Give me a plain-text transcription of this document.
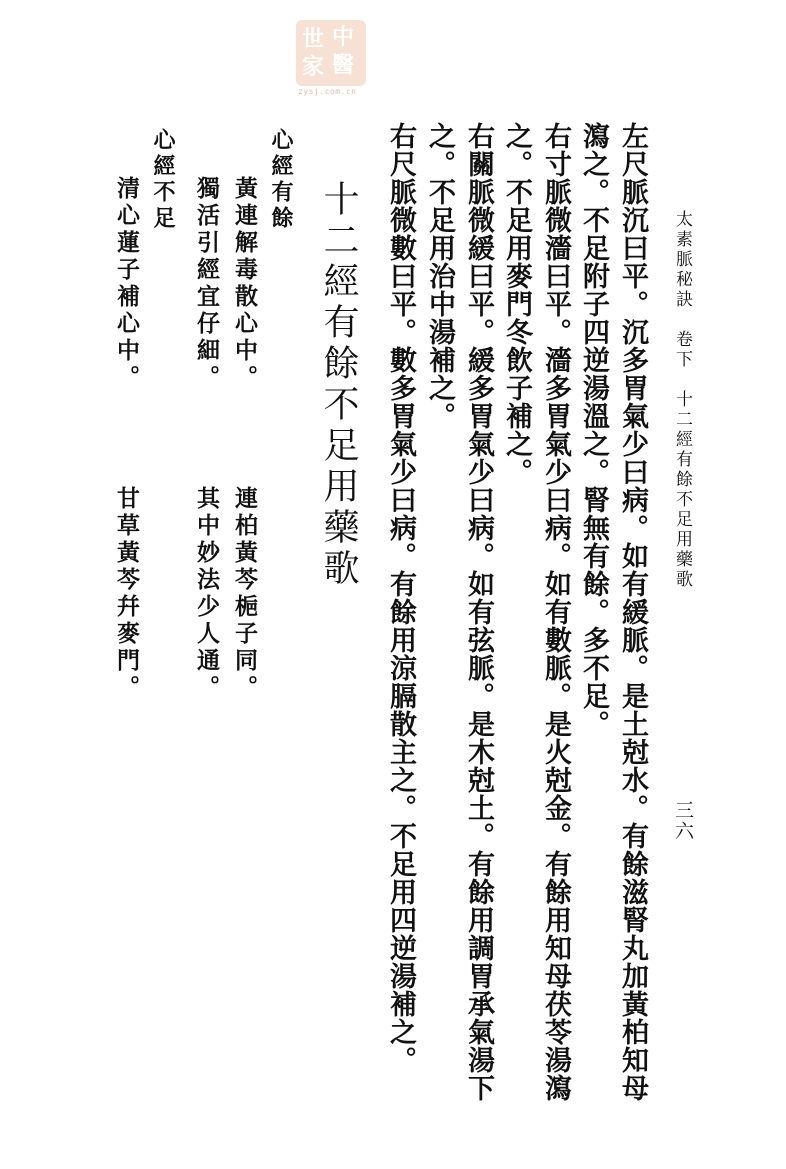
世 中
家 醫
zysj.com.cn
太素脈秘訣　卷下　十二經有餘不足用藥歌
三六
左尺脈沉曰平。沉多胃氣少曰病。如有緩脈。是土尅水。有餘滋腎丸加黃柏知母
瀉之。不足附子四逆湯溫之。腎無有餘。多不足。
右寸脈微濇曰平。濇多胃氣少曰病。如有數脈。是火尅金。有餘用知母茯苓湯瀉
之。不足用麥門冬飲子補之。
右關脈微緩曰平。緩多胃氣少曰病。如有弦脈。是木尅土。有餘用調胃承氣湯下
之。不足用治中湯補之。
右尺脈微數曰平。數多胃氣少曰病。有餘用涼膈散主之。不足用四逆湯補之。
十二經有餘不足用藥歌
心經有餘
黃連解毒散心中。
連柏黃芩梔子同。
獨活引經宜仔細。
其中妙法少人通。
心經不足
清心蓮子補心中。
甘草黃芩幷麥門。
